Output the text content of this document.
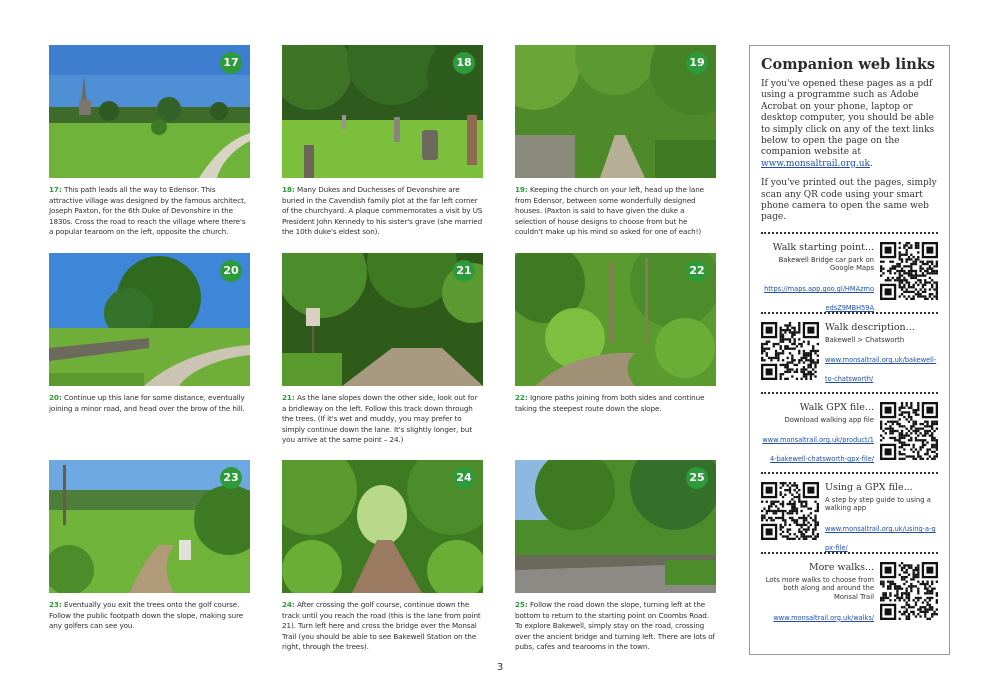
17

17: This path leads all the way to Edensor. This attractive village was designed by the famous architect, Joseph Paxton, for the 6th Duke of Devonshire in the 1830s. Cross the road to reach the village where there's a popular tearoom on the left, opposite the church.

18

18: Many Dukes and Duchesses of Devonshire are buried in the Cavendish family plot at the far left corner of the churchyard. A plaque commemorates a visit by US President John Kennedy to his sister's grave (she married the 10th duke's eldest son).

19

19: Keeping the church on your left, head up the lane from Edensor, between some wonderfully designed houses. (Paxton is said to have given the duke a selection of house designs to choose from but he couldn't make up his mind so asked for one of each!)

20

20: Continue up this lane for some distance, eventually joining a minor road, and head over the brow of the hill.

21

21: As the lane slopes down the other side, look out for a bridleway on the left. Follow this track down through the trees. (If it's wet and muddy, you may prefer to simply continue down the lane. It's slightly longer, but you arrive at the same point – 24.)

22

22: Ignore paths joining from both sides and continue taking the steepest route down the slope.

23

23: Eventually you exit the trees onto the golf course. Follow the public footpath down the slope, making sure any golfers can see you.

24

24: After crossing the golf course, continue down the track until you reach the road (this is the lane from point 21). Turn left here and cross the bridge over the Monsal Trail (you should be able to see Bakewell Station on the right, through the trees).

25

25: Follow the road down the slope, turning left at the bottom to return to the starting point on Coombs Road. To explore Bakewell, simply stay on the road, crossing over the ancient bridge and turning left. There are lots of pubs, cafes and tearooms in the town.

Companion web links

If you've opened these pages as a pdf using a programme such as Adobe Acrobat on your phone, laptop or desktop computer, you should be able to simply click on any of the text links below to open the page on the companion website at www.monsaltrail.org.uk.

If you've printed out the pages, simply scan any QR code using your smart phone camera to open the same web page.

Walk starting point...
Bakewell Bridge car park on Google Maps
https://maps.app.goo.gl/HMAzmoedsZ9MBH59A
Walk description...
Bakewell > Chatsworth
www.monsaltrail.org.uk/bakewell-to-chatsworth/
Walk GPX file...
Download walking app file
www.monsaltrail.org.uk/product/14-bakewell-chatsworth-gpx-file/
Using a GPX file...
A step by step guide to using a walking app
www.monsaltrail.org.uk/using-a-gpx-file/
More walks...
Lots more walks to choose from both along and around the Monsal Trail
www.monsaltrail.org.uk/walks/
3
